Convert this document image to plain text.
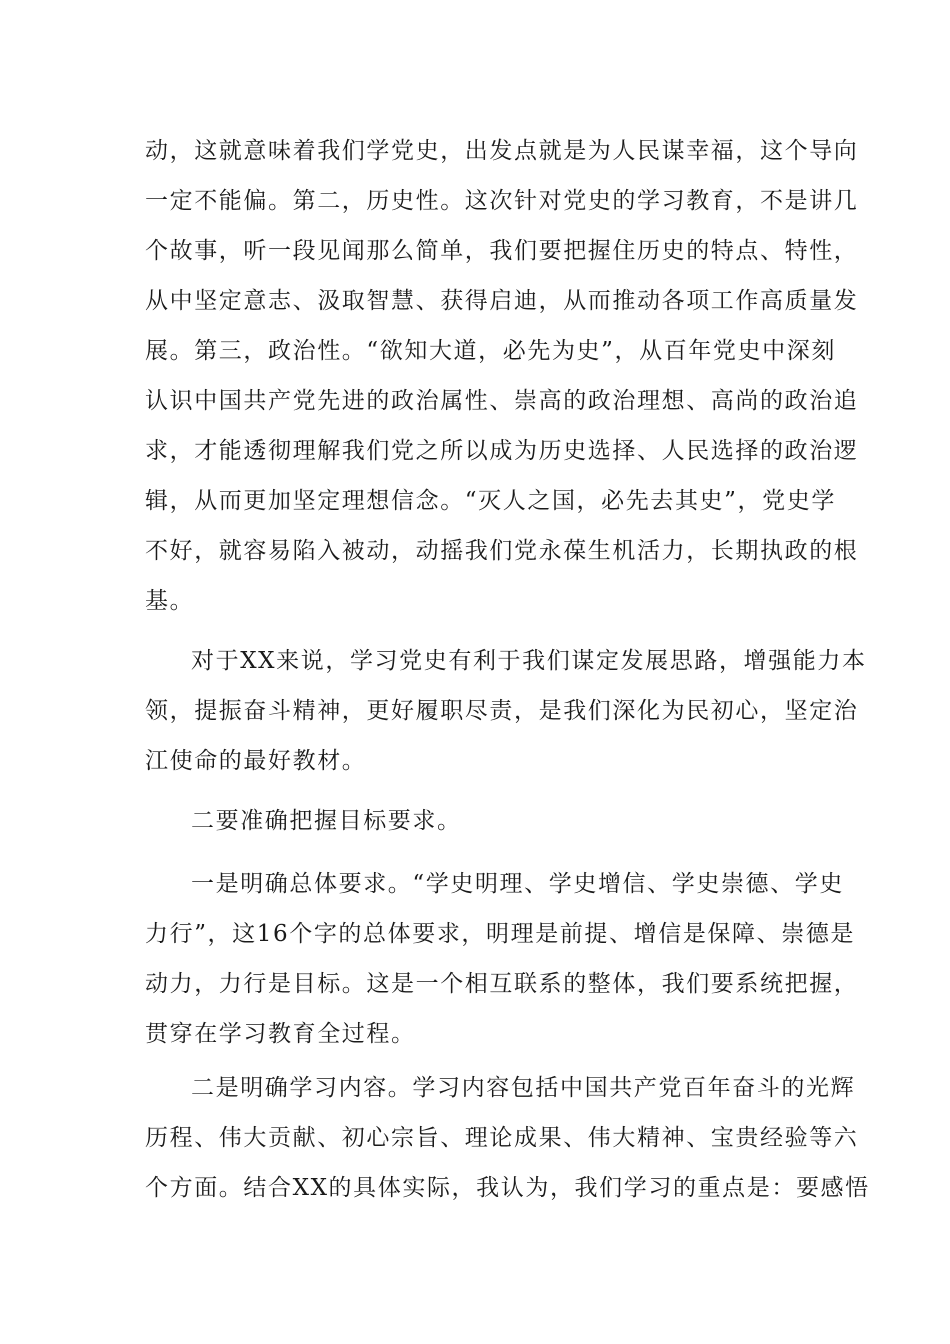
动，这就意味着我们学党史，出发点就是为人民谋幸福，这个导向
一定不能偏。第二，历史性。这次针对党史的学习教育，不是讲几
个故事，听一段见闻那么简单，我们要把握住历史的特点、特性，
从中坚定意志、汲取智慧、获得启迪，从而推动各项工作高质量发
展。第三，政治性。“欲知大道，必先为史”，从百年党史中深刻
认识中国共产党先进的政治属性、崇高的政治理想、高尚的政治追
求，才能透彻理解我们党之所以成为历史选择、人民选择的政治逻
辑，从而更加坚定理想信念。“灭人之国，必先去其史”，党史学
不好，就容易陷入被动，动摇我们党永葆生机活力，长期执政的根
基。
对于XX来说，学习党史有利于我们谋定发展思路，增强能力本
领，提振奋斗精神，更好履职尽责，是我们深化为民初心，坚定治
江使命的最好教材。
二要准确把握目标要求。
一是明确总体要求。“学史明理、学史增信、学史崇德、学史
力行”，这16个字的总体要求，明理是前提、增信是保障、崇德是
动力，力行是目标。这是一个相互联系的整体，我们要系统把握，
贯穿在学习教育全过程。
二是明确学习内容。学习内容包括中国共产党百年奋斗的光辉
历程、伟大贡献、初心宗旨、理论成果、伟大精神、宝贵经验等六
个方面。结合XX的具体实际，我认为，我们学习的重点是：要感悟
